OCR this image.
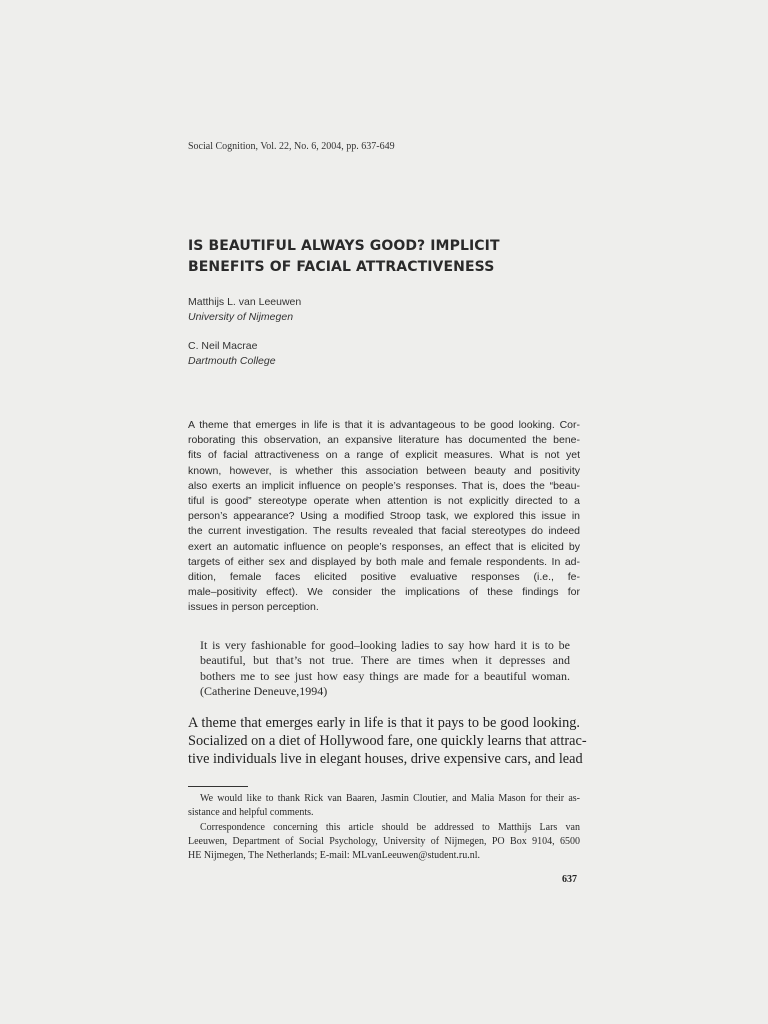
Social Cognition, Vol. 22, No. 6, 2004, pp. 637-649
IS BEAUTIFUL ALWAYS GOOD? IMPLICIT
BENEFITS OF FACIAL ATTRACTIVENESS
Matthijs L. van Leeuwen
University of Nijmegen
C. Neil Macrae
Dartmouth College
A theme that emerges in life is that it is advantageous to be good looking. Cor-
roborating this observation, an expansive literature has documented the bene-
fits of facial attractiveness on a range of explicit measures. What is not yet
known, however, is whether this association between beauty and positivity
also exerts an implicit influence on people’s responses. That is, does the “beau-
tiful is good” stereotype operate when attention is not explicitly directed to a
person’s appearance? Using a modified Stroop task, we explored this issue in
the current investigation. The results revealed that facial stereotypes do indeed
exert an automatic influence on people’s responses, an effect that is elicited by
targets of either sex and displayed by both male and female respondents. In ad-
dition, female faces elicited positive evaluative responses (i.e., fe-
male–positivity effect). We consider the implications of these findings for
issues in person perception.
It is very fashionable for good–looking ladies to say how hard it is to be
beautiful, but that’s not true. There are times when it depresses and
bothers me to see just how easy things are made for a beautiful woman.
(Catherine Deneuve,1994)
A theme that emerges early in life is that it pays to be good looking.
Socialized on a diet of Hollywood fare, one quickly learns that attrac-
tive individuals live in elegant houses, drive expensive cars, and lead
We would like to thank Rick van Baaren, Jasmin Cloutier, and Malia Mason for their as-
sistance and helpful comments.
Correspondence concerning this article should be addressed to Matthijs Lars van
Leeuwen, Department of Social Psychology, University of Nijmegen, PO Box 9104, 6500
HE Nijmegen, The Netherlands; E-mail: MLvanLeeuwen@student.ru.nl.
637
